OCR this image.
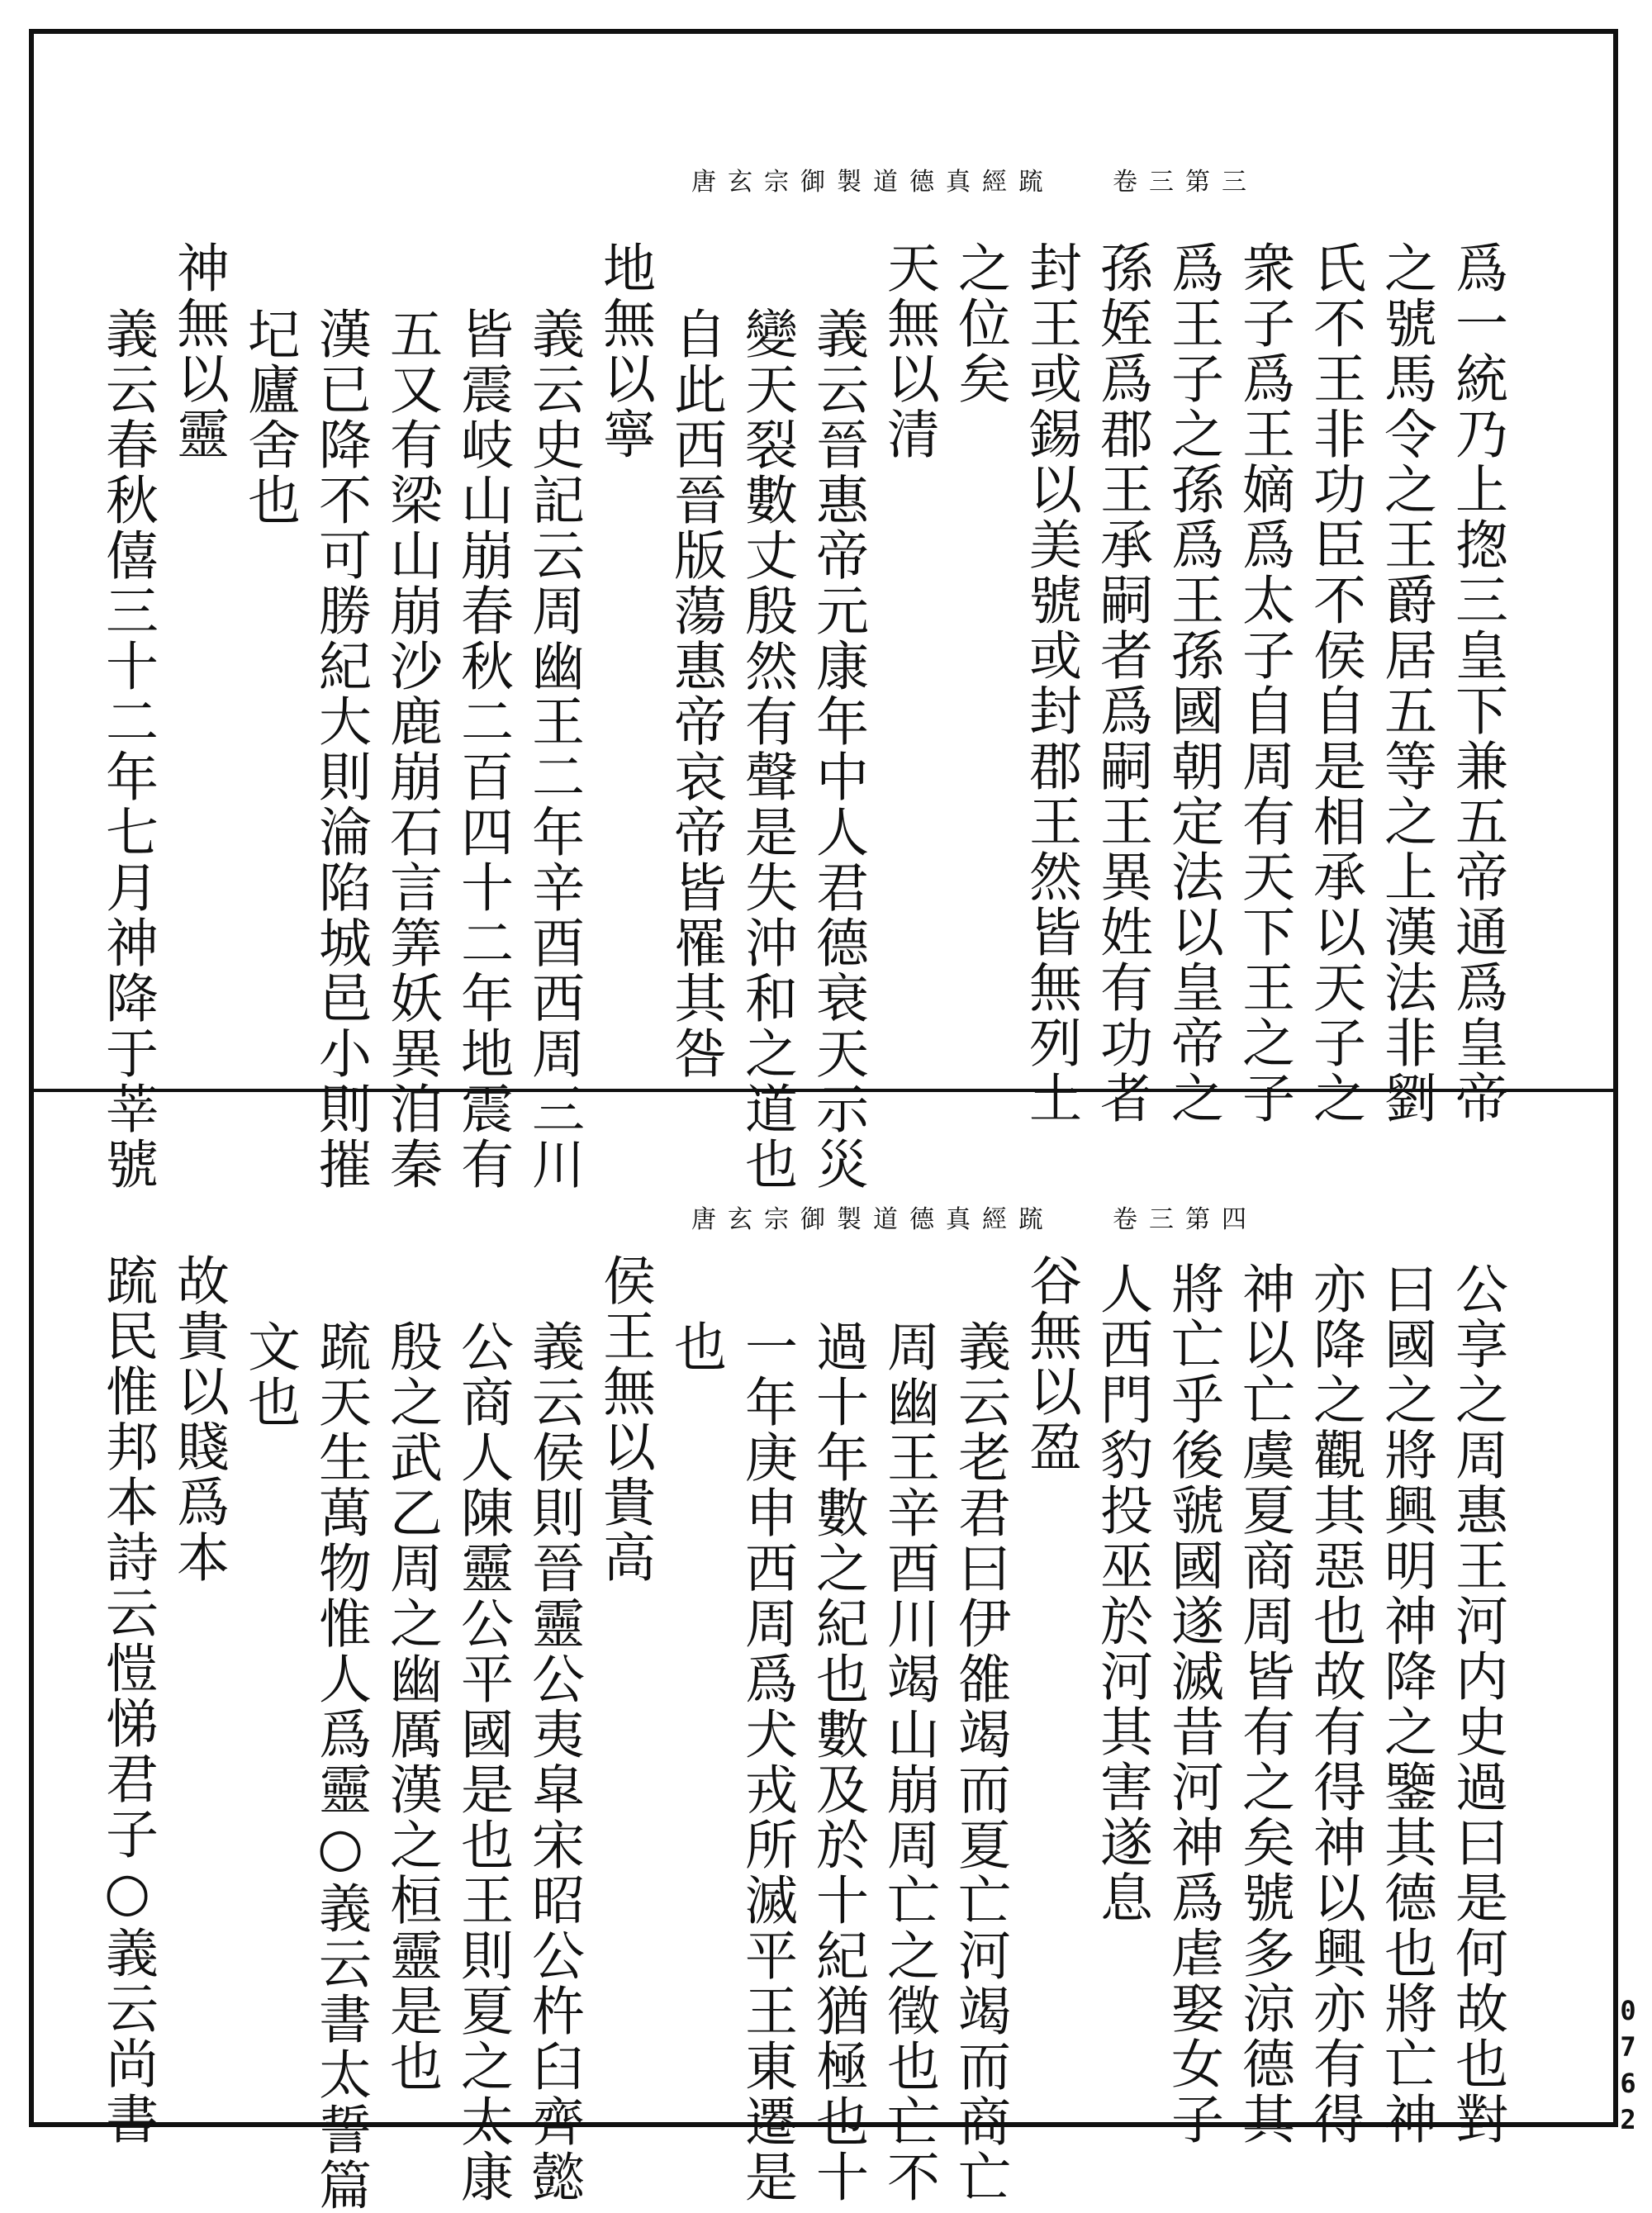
唐玄宗御製道德真經䟽 卷三第三
爲一統乃上揔三皇下兼五帝通爲皇帝
之號馬令之王爵居五等之上漢法非劉
氏不王非功臣不侯自是相承以天子之
衆子爲王嫡爲太子自周有天下王之子
爲王子之孫爲王孫國朝定法以皇帝之
孫姪爲郡王承嗣者爲嗣王異姓有功者
封王或錫以美號或封郡王然皆無列土
之位矣
天無以清
義云晉惠帝元康年中人君德衰天示災
變天裂數丈殷然有聲是失沖和之道也
自此西晉版蕩惠帝哀帝皆罹其咎
地無以寧
義云史記云周幽王二年辛酉西周三川
皆震岐山崩春秋二百四十二年地震有
五又有梁山崩沙鹿崩石言筭妖異洎秦
漢已降不可勝紀大則淪陷城邑小則摧
圮廬舍也
神無以靈
義云春秋僖三十二年七月神降于莘號
唐玄宗御製道德真經䟽 卷三第四
公享之周惠王河内史過曰是何故也對
曰國之將興明神降之鑒其德也將亡神
亦降之觀其惡也故有得神以興亦有得
神以亡虞夏商周皆有之矣號多涼德其
將亡乎後虢國遂滅昔河神爲虐娶女子
人西門豹投巫於河其害遂息
谷無以盈
義云老君曰伊雒竭而夏亡河竭而商亡
周幽王辛酉川竭山崩周亡之徵也亡不
過十年數之紀也數及於十紀猶極也十
一年庚申西周爲犬戎所滅平王東遷是
也
侯王無以貴高
義云侯則晉靈公夷皐宋昭公杵臼齊懿
公商人陳靈公平國是也王則夏之太康
殷之武乙周之幽厲漢之桓靈是也
䟽天生萬物惟人爲靈○義云書太誓篇
文也
故貴以賤爲本
䟽民惟邦本詩云愷悌君子○義云尚書	0762
